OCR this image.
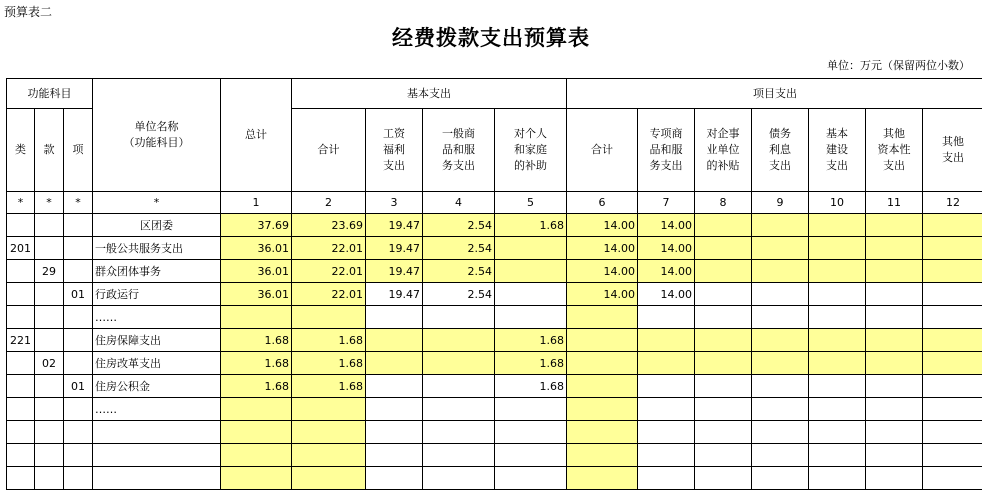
预算表二
经费拨款支出预算表
单位：万元（保留两位小数）
功能科目			单位名称
（功能科目）	总计	基本支出				项目支出						
类	款	项			合计	工资
福利
支出	一般商
品和服
务支出	对个人
和家庭
的补助	合计	专项商
品和服
务支出	对企事
业单位
的补贴	债务
利息
支出	基本
建设
支出	其他
资本性
支出	其他
支出
*	*	*	*	1	2	3	4	5	6	7	8	9	10	11	12
			区团委	37.69	23.69	19.47	2.54	1.68	14.00	14.00					
201			一般公共服务支出	36.01	22.01	19.47	2.54		14.00	14.00					
	29		群众团体事务	36.01	22.01	19.47	2.54		14.00	14.00					
		01	行政运行	36.01	22.01	19.47	2.54		14.00	14.00					
			……												
221			住房保障支出	1.68	1.68			1.68							
	02		住房改革支出	1.68	1.68			1.68							
		01	住房公积金	1.68	1.68			1.68							
			……												
